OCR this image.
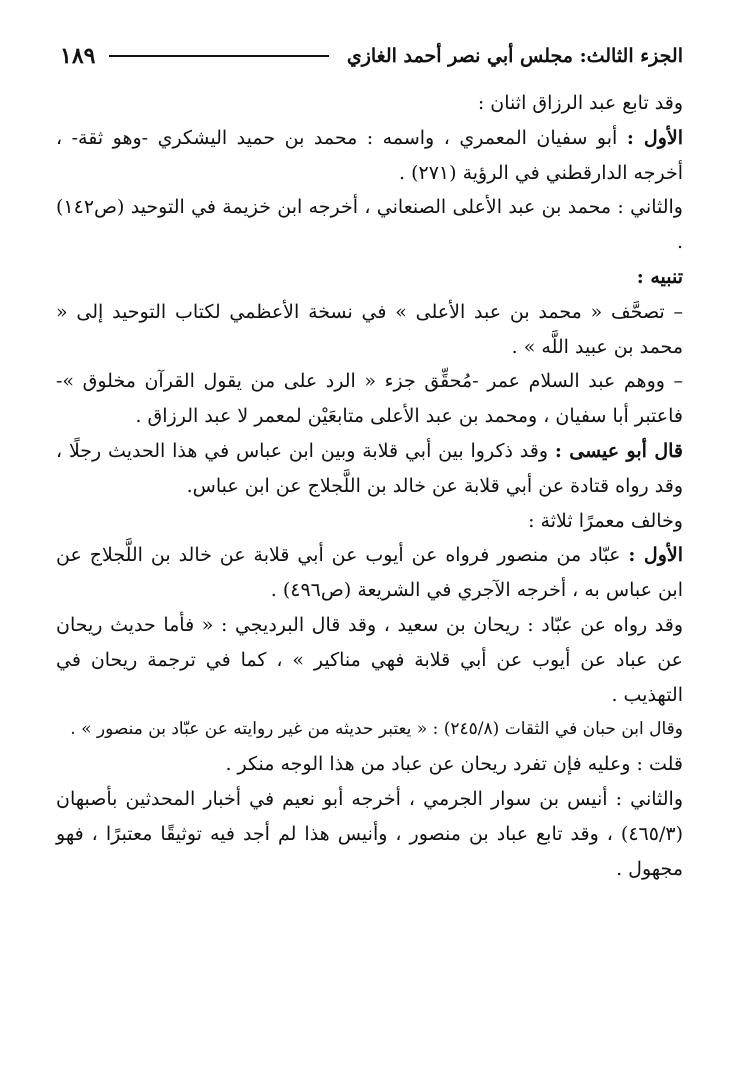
١٨٩	الجزء الثالث: مجلس أبي نصر أحمد الغازي

وقد تابع عبد الرزاق اثنان :

الأول : أبو سفيان المعمري ، واسمه : محمد بن حميد اليشكري -وهو ثقة- ، أخرجه الدارقطني في الرؤية (٢٧١) .

والثاني : محمد بن عبد الأعلى الصنعاني ، أخرجه ابن خزيمة في التوحيد (ص١٤٢) .

تنبيه :

– تصحَّف « محمد بن عبد الأعلى » في نسخة الأعظمي لكتاب التوحيد إلى « محمد بن عبيد اللَّه » .

– ووهم عبد السلام عمر -مُحقِّق جزء « الرد على من يقول القرآن مخلوق »- فاعتبر أبا سفيان ، ومحمد بن عبد الأعلى متابعَيْن لمعمر لا عبد الرزاق .

قال أبو عيسى : وقد ذكروا بين أبي قلابة وبين ابن عباس في هذا الحديث رجلًا ، وقد رواه قتادة عن أبي قلابة عن خالد بن اللَّجلاج عن ابن عباس.

وخالف معمرًا ثلاثة :

الأول : عبّاد من منصور فرواه عن أيوب عن أبي قلابة عن خالد بن اللَّجلاج عن ابن عباس به ، أخرجه الآجري في الشريعة (ص٤٩٦) .

وقد رواه عن عبّاد : ريحان بن سعيد ، وقد قال البرديجي : « فأما حديث ريحان عن عباد عن أيوب عن أبي قلابة فهي مناكير » ، كما في ترجمة ريحان في التهذيب .

وقال ابن حبان في الثقات (٢٤٥/٨) : « يعتبر حديثه من غير روايته عن عبّاد بن منصور » .

قلت : وعليه فإن تفرد ريحان عن عباد من هذا الوجه منكر .

والثاني : أنيس بن سوار الجرمي ، أخرجه أبو نعيم في أخبار المحدثين بأصبهان (٤٦٥/٣) ، وقد تابع عباد بن منصور ، وأنيس هذا لم أجد فيه توثيقًا معتبرًا ، فهو مجهول .
